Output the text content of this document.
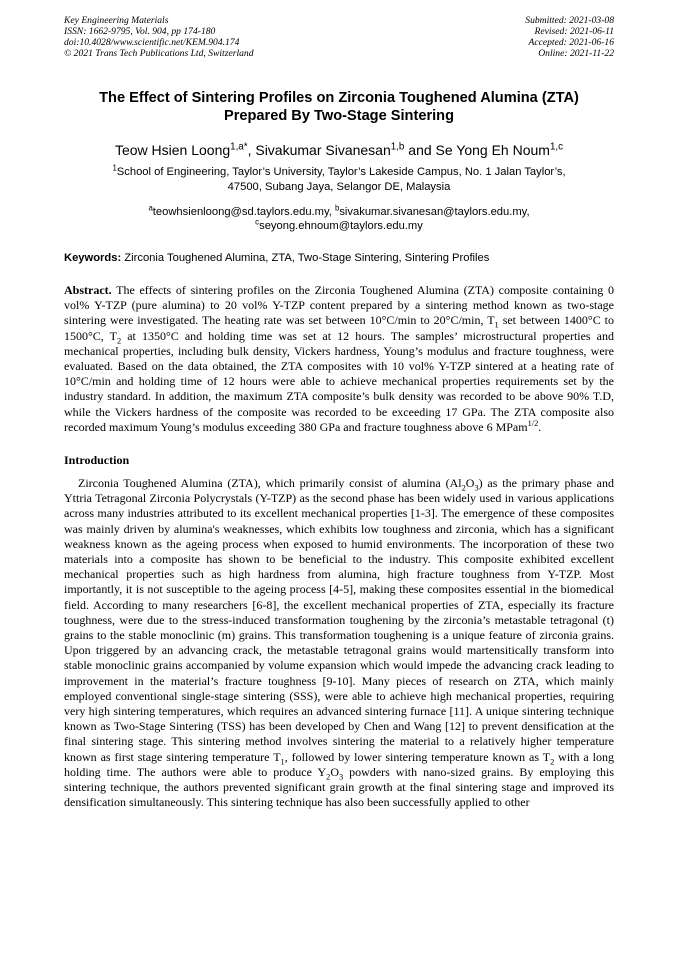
Key Engineering Materials
ISSN: 1662-9795, Vol. 904, pp 174-180
doi:10.4028/www.scientific.net/KEM.904.174
© 2021 Trans Tech Publications Ltd, Switzerland
Submitted: 2021-03-08
Revised: 2021-06-11
Accepted: 2021-06-16
Online: 2021-11-22
The Effect of Sintering Profiles on Zirconia Toughened Alumina (ZTA)
Prepared By Two-Stage Sintering
Teow Hsien Loong$^{1,a*}$, Sivakumar Sivanesan$^{1,b}$ and Se Yong Eh Noum$^{1,c}$
$^1$School of Engineering, Taylor’s University, Taylor’s Lakeside Campus, No. 1 Jalan Taylor’s,
47500, Subang Jaya, Selangor DE, Malaysia
$^a$teowhsienloong@sd.taylors.edu.my, $^b$sivakumar.sivanesan@taylors.edu.my,
$^c$seyong.ehnoum@taylors.edu.my
Keywords: Zirconia Toughened Alumina, ZTA, Two-Stage Sintering, Sintering Profiles
Abstract. The effects of sintering profiles on the Zirconia Toughened Alumina (ZTA) composite containing 0 vol% Y-TZP (pure alumina) to 20 vol% Y-TZP content prepared by a sintering method known as two-stage sintering were investigated. The heating rate was set between 10°C/min to 20°C/min, $T_1$ set between 1400°C to 1500°C, $T_2$ at 1350°C and holding time was set at 12 hours. The samples’ microstructural properties and mechanical properties, including bulk density, Vickers hardness, Young’s modulus and fracture toughness, were evaluated. Based on the data obtained, the ZTA composites with 10 vol% Y-TZP sintered at a heating rate of 10°C/min and holding time of 12 hours were able to achieve mechanical properties requirements set by the industry standard. In addition, the maximum ZTA composite’s bulk density was recorded to be above 90% T.D, while the Vickers hardness of the composite was recorded to be exceeding 17 GPa. The ZTA composite also recorded maximum Young’s modulus exceeding 380 GPa and fracture toughness above 6 MPam$^{1/2}$.
Introduction
Zirconia Toughened Alumina (ZTA), which primarily consist of alumina $(Al_2O_3)$ as the primary phase and Yttria Tetragonal Zirconia Polycrystals (Y-TZP) as the second phase has been widely used in various applications across many industries attributed to its excellent mechanical properties [1-3]. The emergence of these composites was mainly driven by alumina's weaknesses, which exhibits low toughness and zirconia, which has a significant weakness known as the ageing process when exposed to humid environments. The incorporation of these two materials into a composite has shown to be beneficial to the industry. This composite exhibited excellent mechanical properties such as high hardness from alumina, high fracture toughness from Y-TZP. Most importantly, it is not susceptible to the ageing process [4-5], making these composites essential in the biomedical field. According to many researchers [6-8], the excellent mechanical properties of ZTA, especially its fracture toughness, were due to the stress-induced transformation toughening by the zirconia’s metastable tetragonal (t) grains to the stable monoclinic (m) grains. This transformation toughening is a unique feature of zirconia grains. Upon triggered by an advancing crack, the metastable tetragonal grains would martensitically transform into stable monoclinic grains accompanied by volume expansion which would impede the advancing crack leading to improvement in the material’s fracture toughness [9-10]. Many pieces of research on ZTA, which mainly employed conventional single-stage sintering (SSS), were able to achieve high mechanical properties, requiring very high sintering temperatures, which requires an advanced sintering furnace [11]. A unique sintering technique known as Two-Stage Sintering (TSS) has been developed by Chen and Wang [12] to prevent densification at the final sintering stage. This sintering method involves sintering the material to a relatively higher temperature known as first stage sintering temperature $T_1$, followed by lower sintering temperature known as $T_2$ with a long holding time. The authors were able to produce $Y_2O_3$ powders with nano-sized grains. By employing this sintering technique, the authors prevented significant grain growth at the final sintering stage and improved its densification simultaneously. This sintering technique has also been successfully applied to other
